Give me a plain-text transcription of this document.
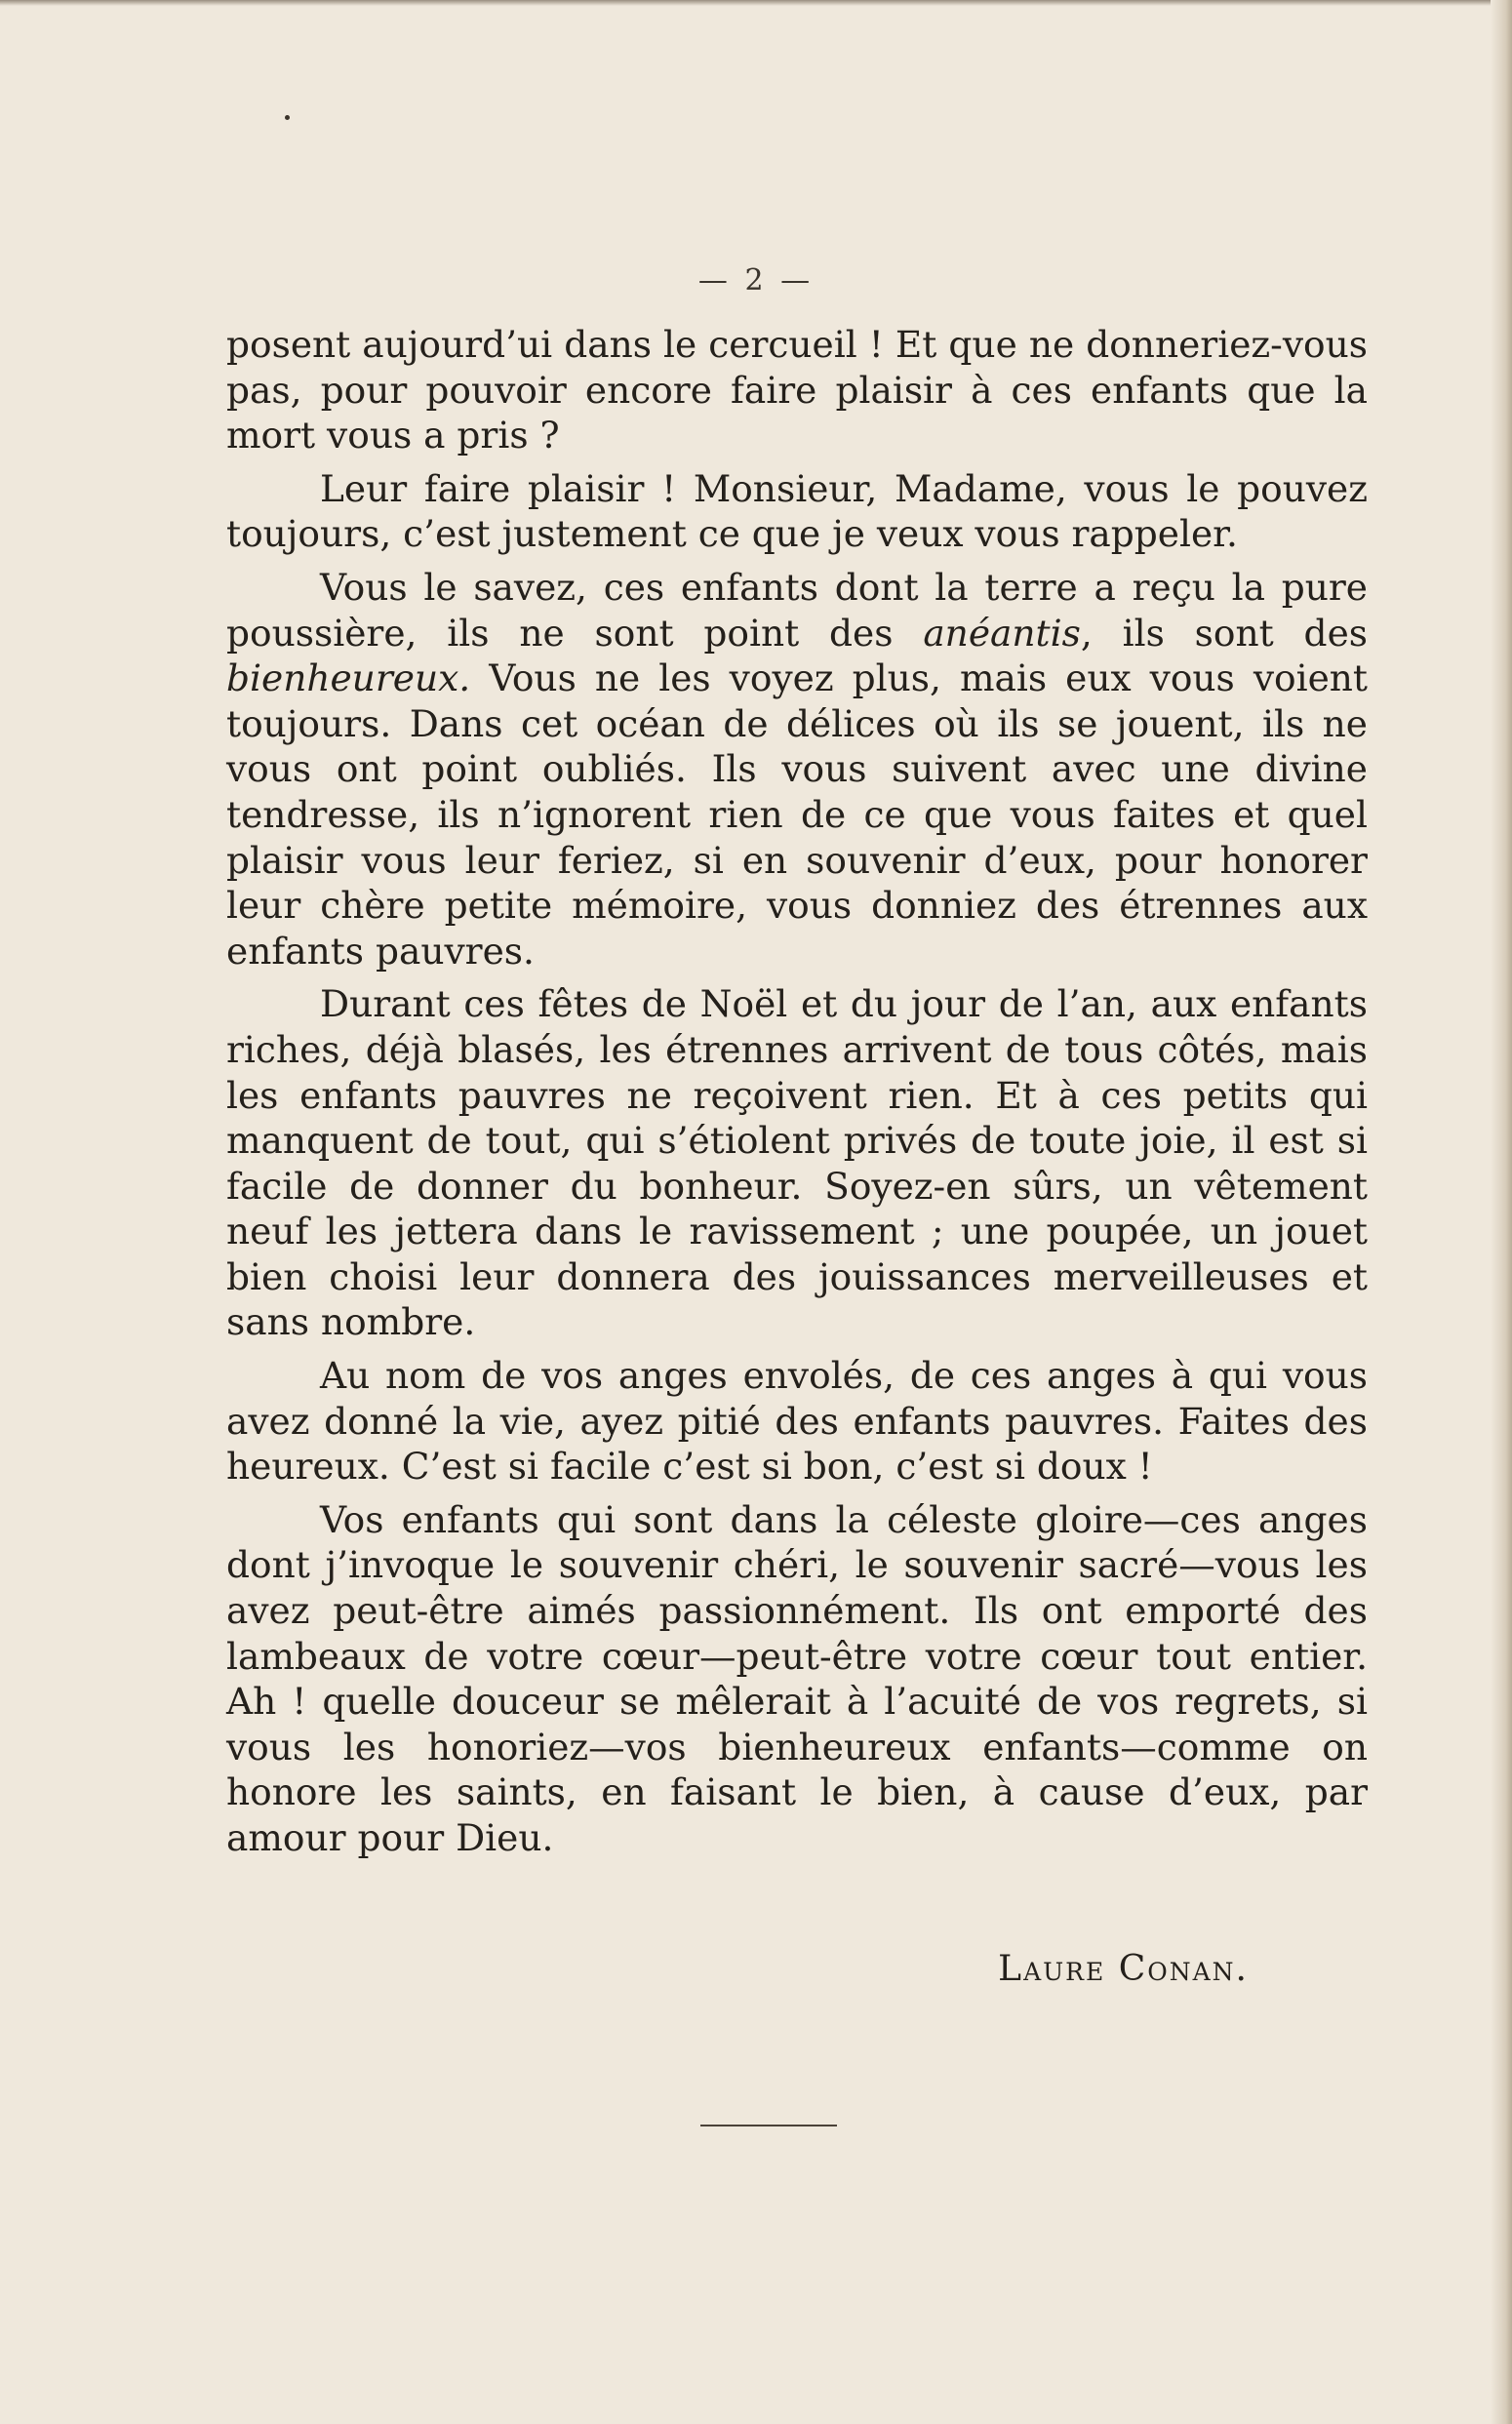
— 2 —

posent aujourd’ui dans le cercueil ! Et que ne donneriez-vous pas, pour pouvoir encore faire plaisir à ces enfants que la mort vous a pris ?

Leur faire plaisir ! Monsieur, Madame, vous le pouvez toujours, c’est justement ce que je veux vous rappeler.

Vous le savez, ces enfants dont la terre a reçu la pure poussière, ils ne sont point des anéantis, ils sont des bienheureux. Vous ne les voyez plus, mais eux vous voient toujours. Dans cet océan de délices où ils se jouent, ils ne vous ont point oubliés. Ils vous suivent avec une divine tendresse, ils n’ignorent rien de ce que vous faites et quel plaisir vous leur feriez, si en souvenir d’eux, pour honorer leur chère petite mémoire, vous donniez des étrennes aux enfants pauvres.

Durant ces fêtes de Noël et du jour de l’an, aux enfants riches, déjà blasés, les étrennes arrivent de tous côtés, mais les enfants pauvres ne reçoivent rien. Et à ces petits qui manquent de tout, qui s’étiolent privés de toute joie, il est si facile de donner du bonheur. Soyez-en sûrs, un vêtement neuf les jettera dans le ravissement ; une poupée, un jouet bien choisi leur donnera des jouissances merveilleuses et sans nombre.

Au nom de vos anges envolés, de ces anges à qui vous avez donné la vie, ayez pitié des enfants pauvres. Faites des heureux. C’est si facile c’est si bon, c’est si doux !

Vos enfants qui sont dans la céleste gloire—ces anges dont j’invoque le souvenir chéri, le souvenir sacré—vous les avez peut-être aimés passionnément. Ils ont emporté des lambeaux de votre cœur—peut-être votre cœur tout entier. Ah ! quelle douceur se mêlerait à l’acuité de vos regrets, si vous les honoriez—vos bienheureux enfants—comme on honore les saints, en faisant le bien, à cause d’eux, par amour pour Dieu.

Laure Conan.
